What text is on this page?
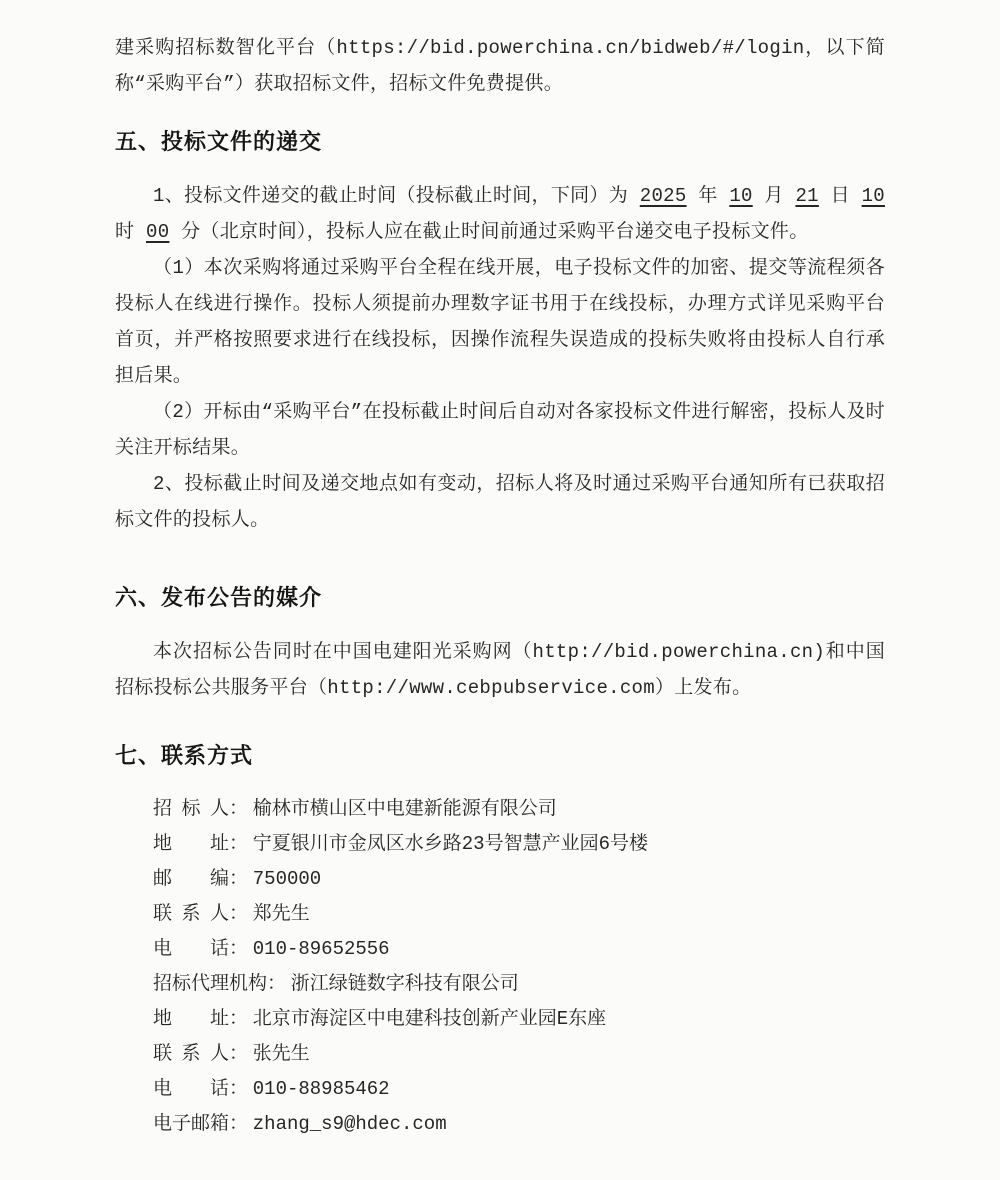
建采购招标数智化平台（https://bid.powerchina.cn/bidweb/#/login，以下简称“采购平台”）获取招标文件，招标文件免费提供。

五、投标文件的递交

1、投标文件递交的截止时间（投标截止时间，下同）为 2025 年 10 月 21 日 10 时 00 分（北京时间），投标人应在截止时间前通过采购平台递交电子投标文件。

（1）本次采购将通过采购平台全程在线开展，电子投标文件的加密、提交等流程须各投标人在线进行操作。投标人须提前办理数字证书用于在线投标，办理方式详见采购平台首页，并严格按照要求进行在线投标，因操作流程失误造成的投标失败将由投标人自行承担后果。

（2）开标由“采购平台”在投标截止时间后自动对各家投标文件进行解密，投标人及时关注开标结果。

2、投标截止时间及递交地点如有变动，招标人将及时通过采购平台通知所有已获取招标文件的投标人。

六、发布公告的媒介

本次招标公告同时在中国电建阳光采购网（http://bid.powerchina.cn)和中国招标投标公共服务平台（http://www.cebpubservice.com）上发布。

七、联系方式
招标人： 榆林市横山区中电建新能源有限公司
地址： 宁夏银川市金凤区水乡路23号智慧产业园6号楼
邮编： 750000
联系人： 郑先生
电话： 010-89652556
招标代理机构： 浙江绿链数字科技有限公司
地址： 北京市海淀区中电建科技创新产业园E东座
联系人： 张先生
电话： 010-88985462
电子邮箱： zhang_s9@hdec.com
